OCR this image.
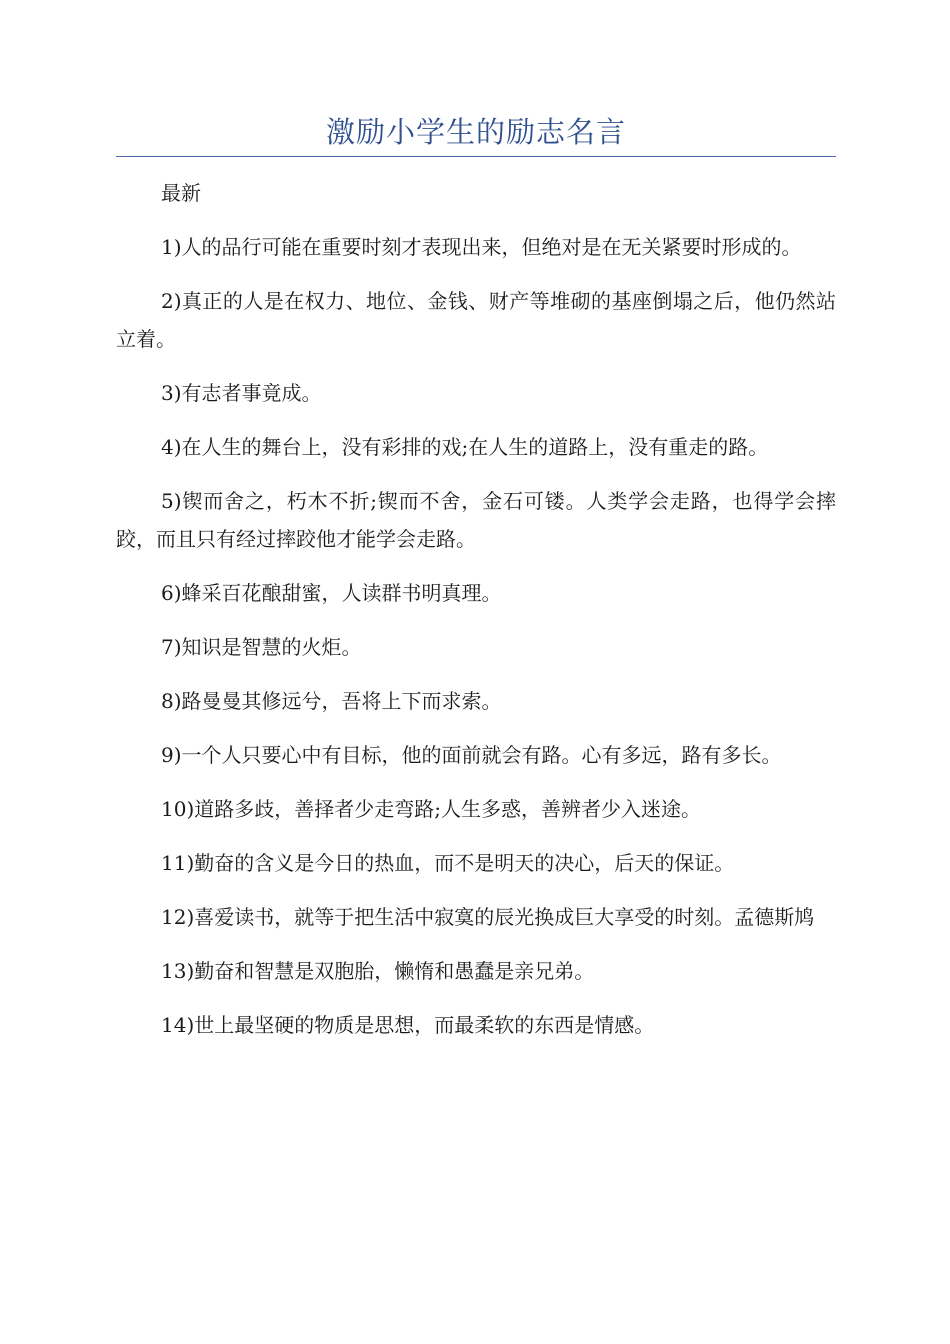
激励小学生的励志名言

最新

1)人的品行可能在重要时刻才表现出来，但绝对是在无关紧要时形成的。

2)真正的人是在权力、地位、金钱、财产等堆砌的基座倒塌之后，他仍然站立着。

3)有志者事竟成。

4)在人生的舞台上，没有彩排的戏;在人生的道路上，没有重走的路。

5)锲而舍之，朽木不折;锲而不舍，金石可镂。人类学会走路，也得学会摔跤，而且只有经过摔跤他才能学会走路。

6)蜂采百花酿甜蜜，人读群书明真理。

7)知识是智慧的火炬。

8)路曼曼其修远兮，吾将上下而求索。

9)一个人只要心中有目标，他的面前就会有路。心有多远，路有多长。

10)道路多歧，善择者少走弯路;人生多惑，善辨者少入迷途。

11)勤奋的含义是今日的热血，而不是明天的决心，后天的保证。

12)喜爱读书，就等于把生活中寂寞的辰光换成巨大享受的时刻。孟德斯鸠

13)勤奋和智慧是双胞胎，懒惰和愚蠢是亲兄弟。

14)世上最坚硬的物质是思想，而最柔软的东西是情感。
